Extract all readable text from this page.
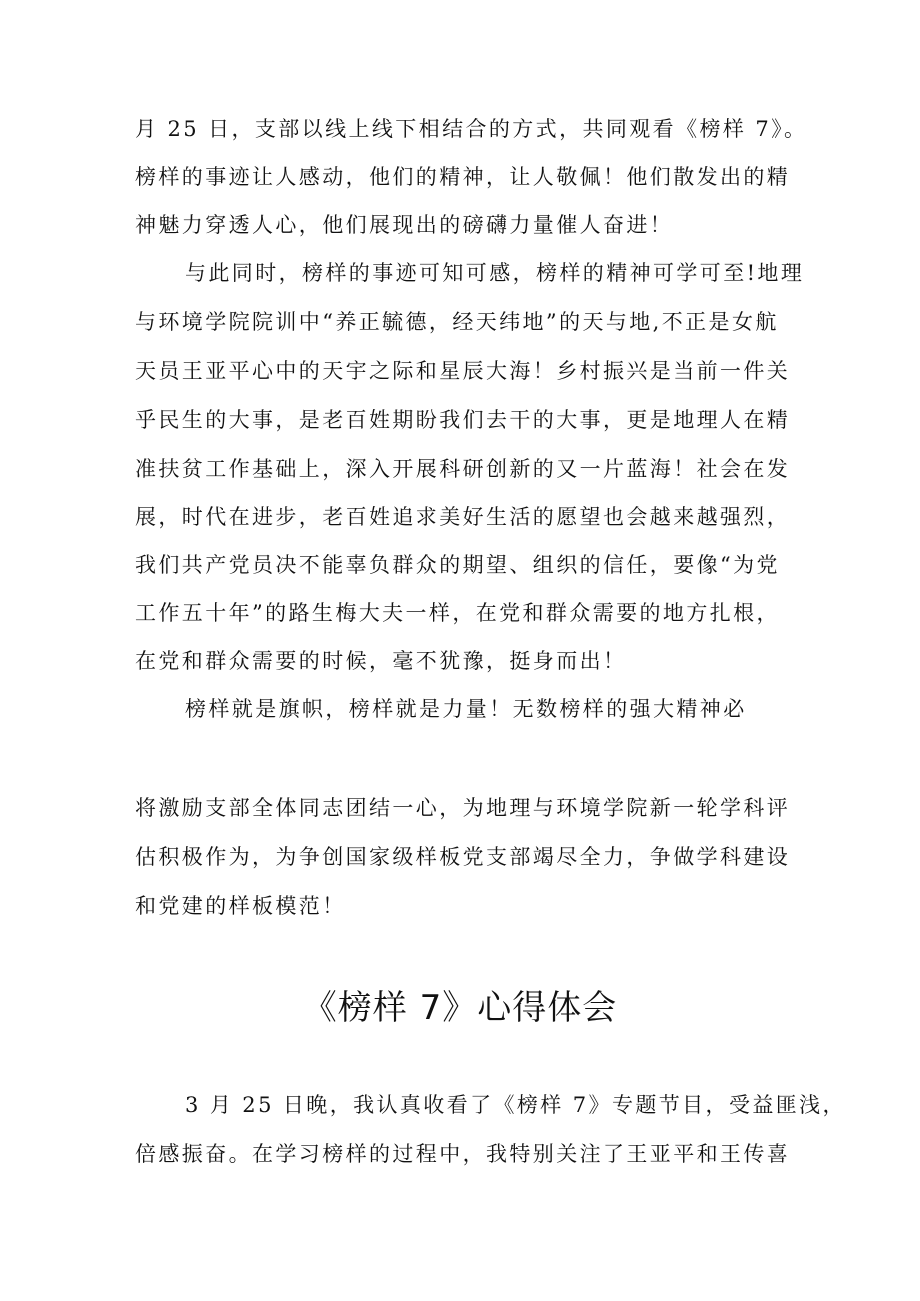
月 25 日，支部以线上线下相结合的方式，共同观看《榜样 7》。
榜样的事迹让人感动，他们的精神，让人敬佩！他们散发出的精
神魅力穿透人心，他们展现出的磅礴力量催人奋进！
与此同时，榜样的事迹可知可感，榜样的精神可学可至!地理
与环境学院院训中“养正毓德，经天纬地”的天与地,不正是女航
天员王亚平心中的天宇之际和星辰大海！乡村振兴是当前一件关
乎民生的大事，是老百姓期盼我们去干的大事，更是地理人在精
准扶贫工作基础上，深入开展科研创新的又一片蓝海！社会在发
展，时代在进步，老百姓追求美好生活的愿望也会越来越强烈，
我们共产党员决不能辜负群众的期望、组织的信任，要像“为党
工作五十年”的路生梅大夫一样，在党和群众需要的地方扎根，
在党和群众需要的时候，毫不犹豫，挺身而出！
榜样就是旗帜，榜样就是力量！无数榜样的强大精神必
将激励支部全体同志团结一心，为地理与环境学院新一轮学科评
估积极作为，为争创国家级样板党支部竭尽全力，争做学科建设
和党建的样板模范！
《榜样 7》心得体会
3 月 25 日晚，我认真收看了《榜样 7》专题节目，受益匪浅，
倍感振奋。在学习榜样的过程中，我特别关注了王亚平和王传喜
